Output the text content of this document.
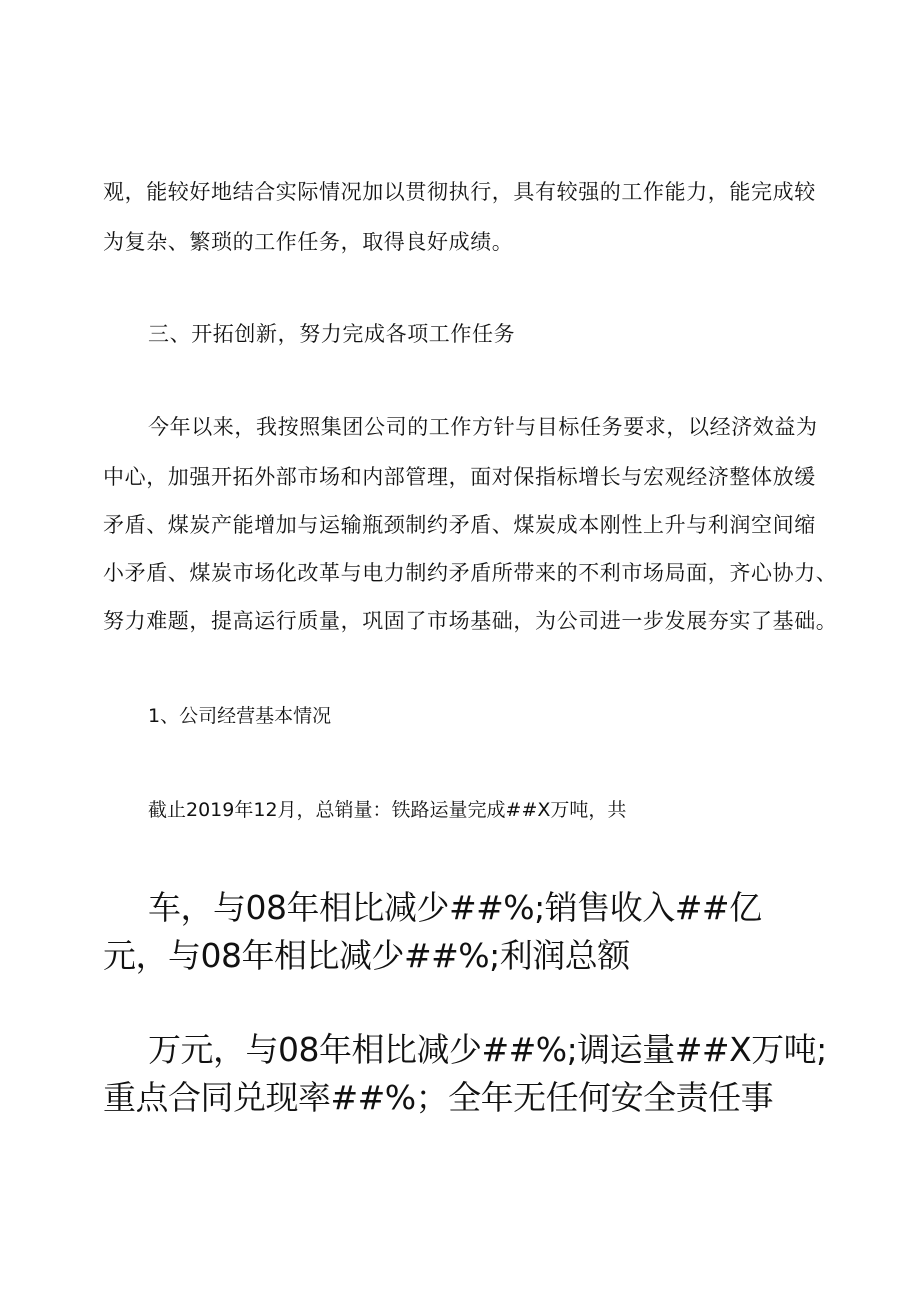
观，能较好地结合实际情况加以贯彻执行，具有较强的工作能力，能完成较

为复杂、繁琐的工作任务，取得良好成绩。

三、开拓创新，努力完成各项工作任务

今年以来，我按照集团公司的工作方针与目标任务要求，以经济效益为

中心，加强开拓外部市场和内部管理，面对保指标增长与宏观经济整体放缓

矛盾、煤炭产能增加与运输瓶颈制约矛盾、煤炭成本刚性上升与利润空间缩

小矛盾、煤炭市场化改革与电力制约矛盾所带来的不利市场局面，齐心协力、

努力难题，提高运行质量，巩固了市场基础，为公司进一步发展夯实了基础。

1、公司经营基本情况

截止2019年12月，总销量：铁路运量完成##X万吨，共

车，与08年相比减少##%;销售收入##亿

元，与08年相比减少##%;利润总额

万元，与08年相比减少##%;调运量##X万吨;

重点合同兑现率##%；全年无任何安全责任事
